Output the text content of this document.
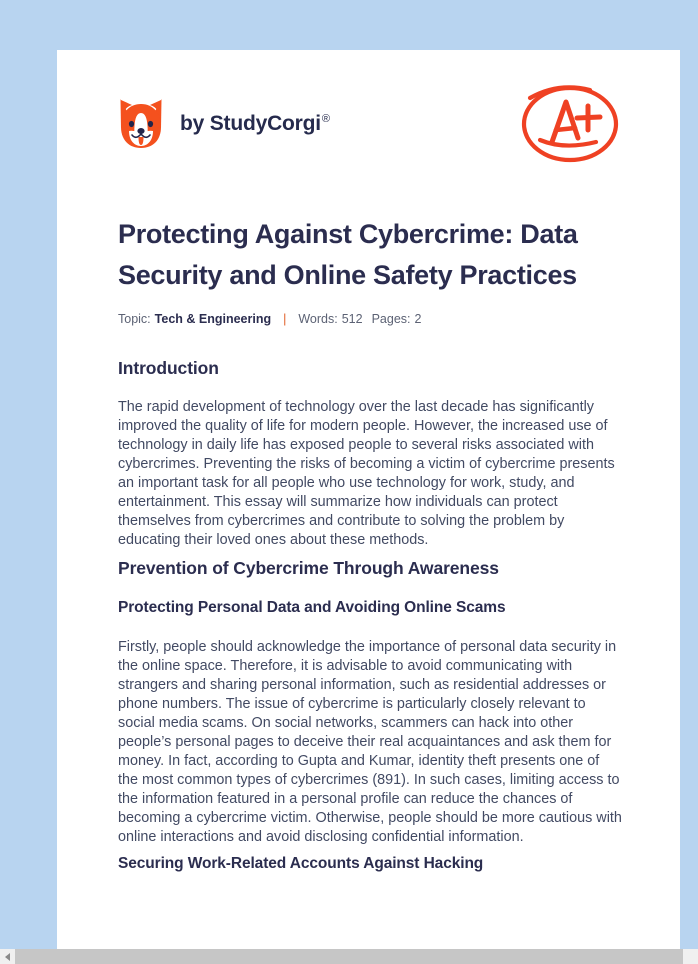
by StudyCorgi®
Protecting Against Cybercrime: Data Security and Online Safety Practices
Topic: Tech & Engineering | Words: 512 Pages: 2
Introduction

The rapid development of technology over the last decade has significantly improved the quality of life for modern people. However, the increased use of technology in daily life has exposed people to several risks associated with cybercrimes. Preventing the risks of becoming a victim of cybercrime presents an important task for all people who use technology for work, study, and entertainment. This essay will summarize how individuals can protect themselves from cybercrimes and contribute to solving the problem by educating their loved ones about these methods.

Prevention of Cybercrime Through Awareness
Protecting Personal Data and Avoiding Online Scams

Firstly, people should acknowledge the importance of personal data security in the online space. Therefore, it is advisable to avoid communicating with strangers and sharing personal information, such as residential addresses or phone numbers. The issue of cybercrime is particularly closely relevant to social media scams. On social networks, scammers can hack into other people’s personal pages to deceive their real acquaintances and ask them for money. In fact, according to Gupta and Kumar, identity theft presents one of the most common types of cybercrimes (891). In such cases, limiting access to the information featured in a personal profile can reduce the chances of becoming a cybercrime victim. Otherwise, people should be more cautious with online interactions and avoid disclosing confidential information.

Securing Work-Related Accounts Against Hacking
